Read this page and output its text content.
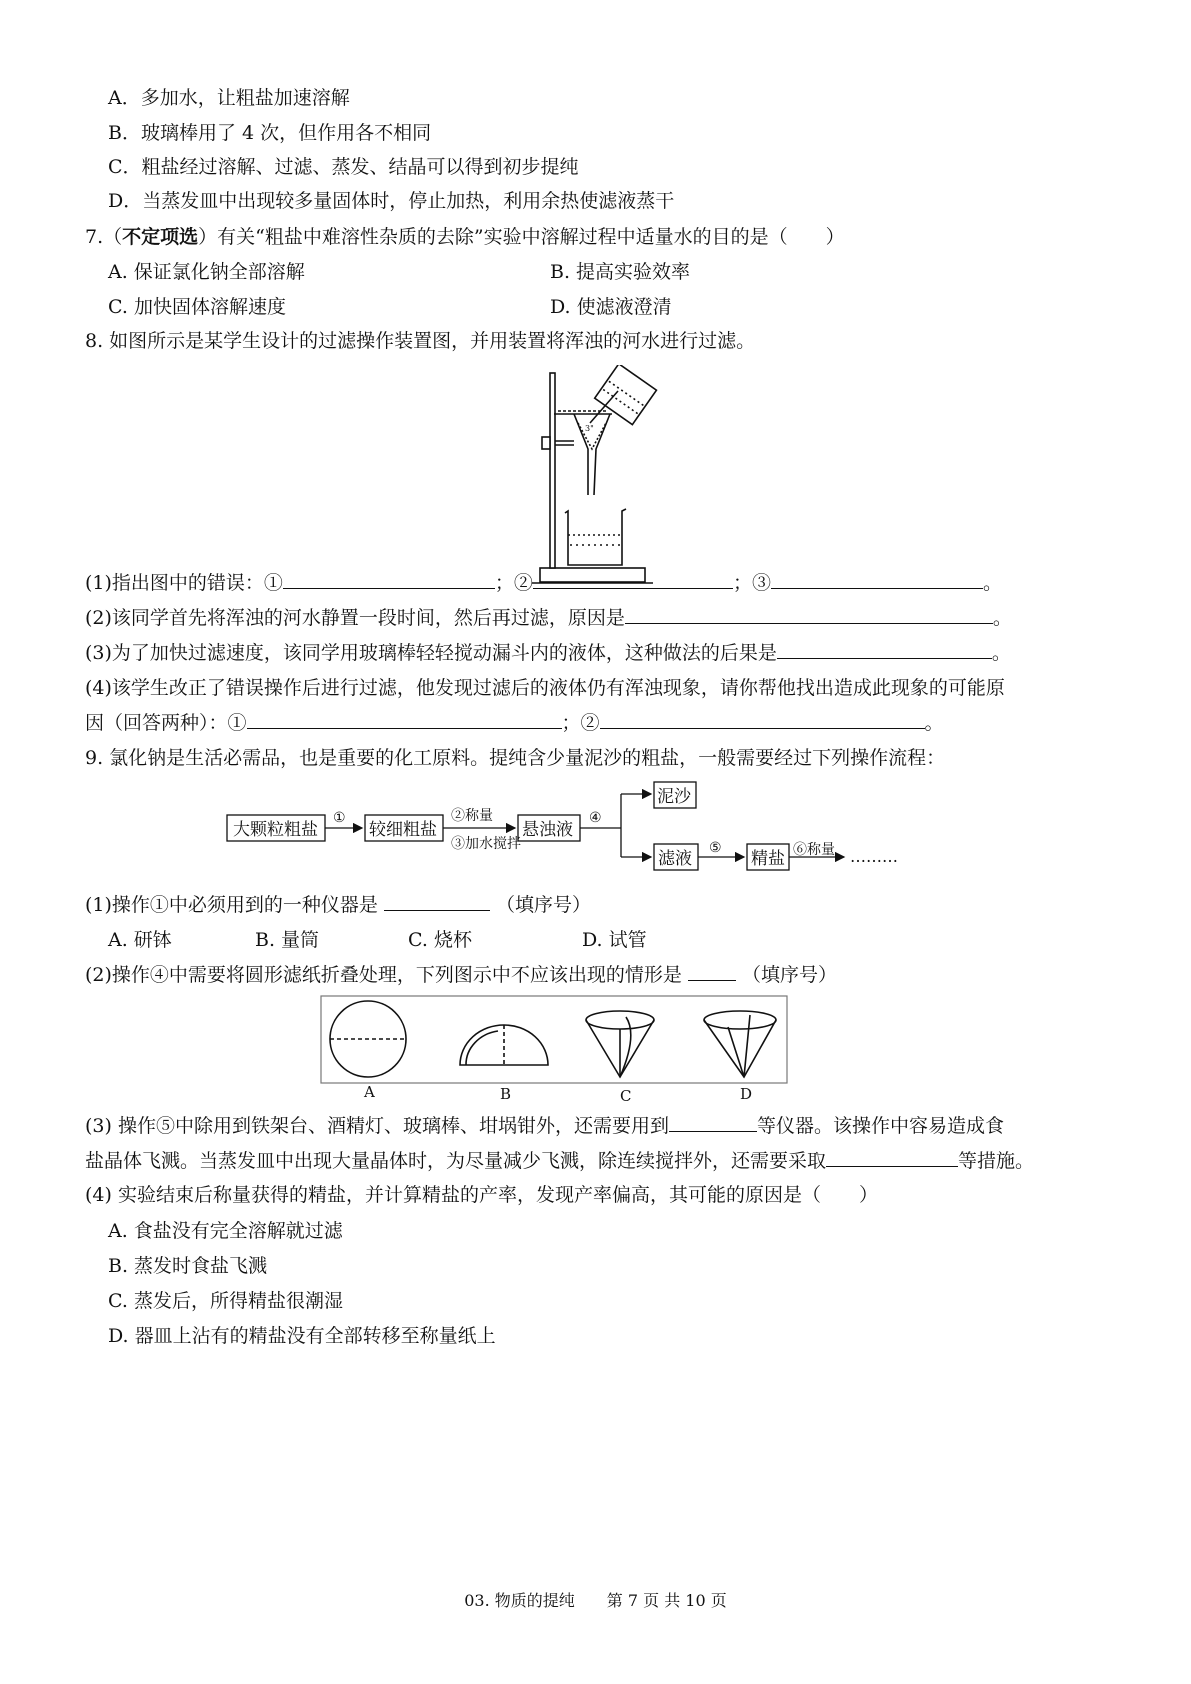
A．多加水，让粗盐加速溶解
B．玻璃棒用了 4 次，但作用各不相同
C．粗盐经过溶解、过滤、蒸发、结晶可以得到初步提纯
D．当蒸发皿中出现较多量固体时，停止加热，利用余热使滤液蒸干
7.（不定项选）有关“粗盐中难溶性杂质的去除”实验中溶解过程中适量水的目的是（　　）
A. 保证氯化钠全部溶解	B. 提高实验效率
C. 加快固体溶解速度	D. 使滤液澄清
8. 如图所示是某学生设计的过滤操作装置图，并用装置将浑浊的河水进行过滤。
3"
(1)指出图中的错误：①	；②	；③	。
(2)该同学首先将浑浊的河水静置一段时间，然后再过滤，原因是	。
(3)为了加快过滤速度，该同学用玻璃棒轻轻搅动漏斗内的液体，这种做法的后果是	。
(4)该学生改正了错误操作后进行过滤，他发现过滤后的液体仍有浑浊现象，请你帮他找出造成此现象的可能原
因（回答两种）：①	；②	。
9. 氯化钠是生活必需品，也是重要的化工原料。提纯含少量泥沙的粗盐，一般需要经过下列操作流程：
大颗粒粗盐	较细粗盐	悬浊液
泥沙
滤液	精盐
①	②称量
③加水搅拌
④
⑤	⑥称量 ………
(1)操作①中必须用到的一种仪器是	（填序号）
A. 研钵	B. 量筒	C. 烧杯	D. 试管
(2)操作④中需要将圆形滤纸折叠处理，下列图示中不应该出现的情形是	（填序号）
A	B	C	D
(3) 操作⑤中除用到铁架台、酒精灯、玻璃棒、坩埚钳外，还需要用到	等仪器。该操作中容易造成食
盐晶体飞溅。当蒸发皿中出现大量晶体时，为尽量减少飞溅，除连续搅拌外，还需要采取	等措施。
(4) 实验结束后称量获得的精盐，并计算精盐的产率，发现产率偏高，其可能的原因是（　　）
A. 食盐没有完全溶解就过滤
B. 蒸发时食盐飞溅
C. 蒸发后，所得精盐很潮湿
D. 器皿上沾有的精盐没有全部转移至称量纸上
03. 物质的提纯　　第 7 页 共 10 页
